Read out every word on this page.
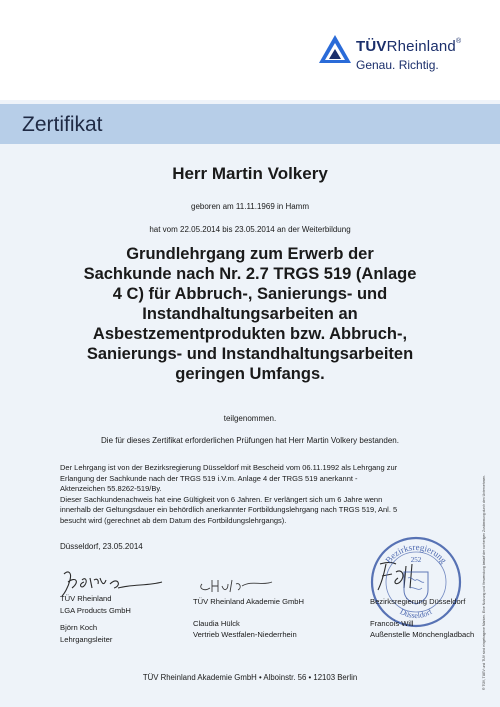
TÜVRheinland®
Genau. Richtig.
Zertifikat
Herr Martin Volkery
geboren am 11.11.1969 in Hamm
hat vom 22.05.2014 bis 23.05.2014 an der Weiterbildung
Grundlehrgang zum Erwerb der
Sachkunde nach Nr. 2.7 TRGS 519 (Anlage
4 C) für Abbruch-, Sanierungs- und
Instandhaltungsarbeiten an
Asbestzementprodukten bzw. Abbruch-,
Sanierungs- und Instandhaltungsarbeiten
geringen Umfangs.
teilgenommen.
Die für dieses Zertifikat erforderlichen Prüfungen hat Herr Martin Volkery bestanden.
Der Lehrgang ist von der Bezirksregierung Düsseldorf mit Bescheid vom 06.11.1992 als Lehrgang zur
Erlangung der Sachkunde nach der TRGS 519 i.V.m. Anlage 4 der TRGS 519 anerkannt -
Aktenzeichen 55.8262-519/By.
Dieser Sachkundenachweis hat eine Gültigkeit von 6 Jahren. Er verlängert sich um 6 Jahre wenn
innerhalb der Geltungsdauer ein behördlich anerkannter Fortbildungslehrgang nach TRGS 519, Anl. 5
besucht wird (gerechnet ab dem Datum des Fortbildungslehrgangs).
Düsseldorf, 23.05.2014
Bezirksregierung
252
Düsseldorf
TÜV Rheinland
LGA Products GmbH
Björn Koch
Lehrgangsleiter
TÜV Rheinland Akademie GmbH
Claudia Hülck
Vertrieb Westfalen-Niederrhein
Bezirksregierung Düsseldorf
Francois Will
Außenstelle Mönchengladbach
TÜV Rheinland Akademie GmbH • Alboinstr. 56 • 12103 Berlin	® TÜV, TUEV und TUV sind eingetragene Marken. Eine Nutzung und Verwendung bedarf der vorherigen Zustimmung durch den Unternehmen.
